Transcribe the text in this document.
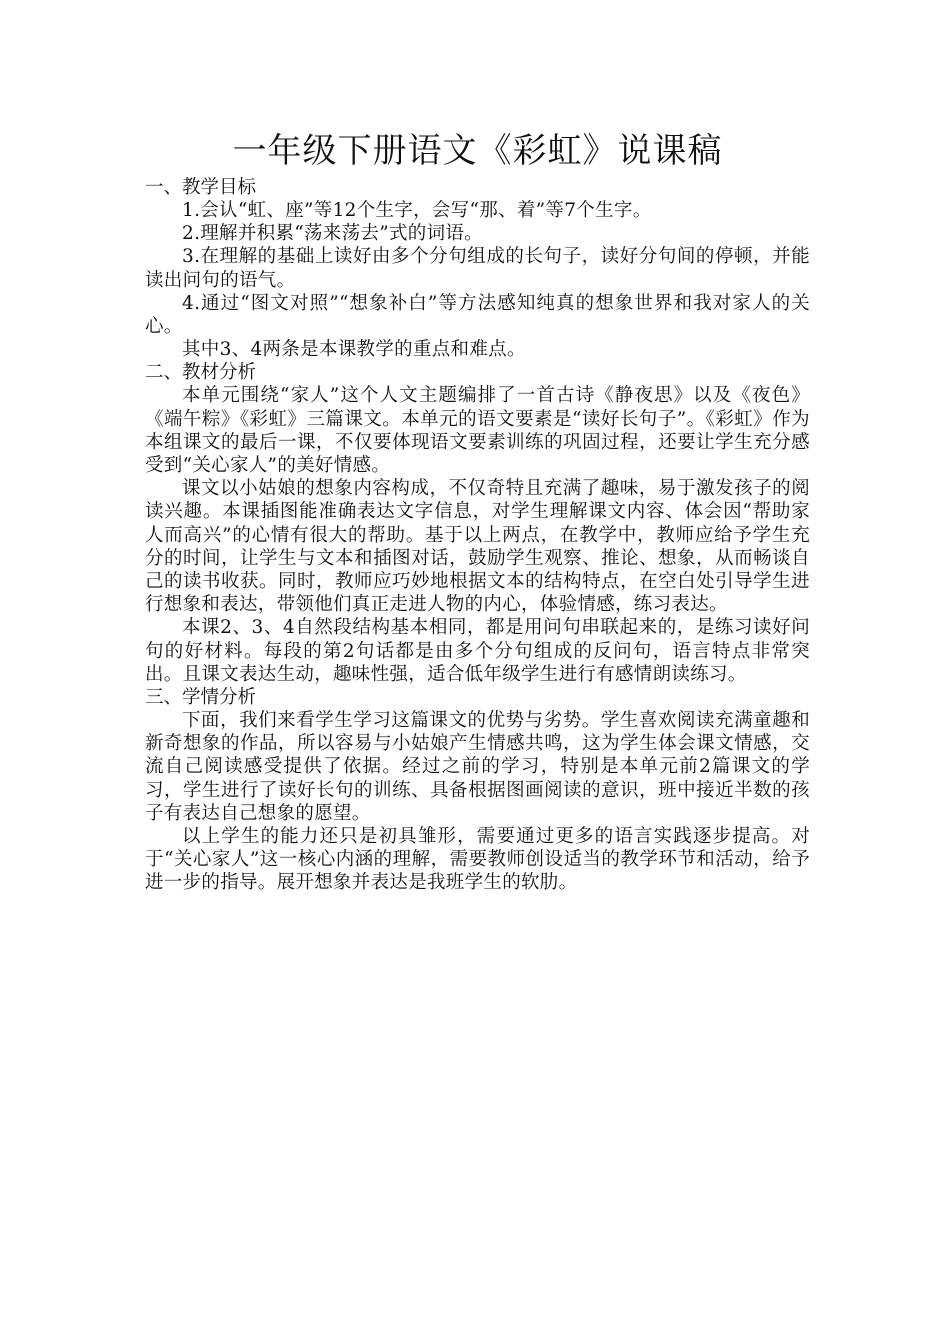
一年级下册语文《彩虹》说课稿

一、教学目标

1.会认“虹、座”等12个生字，会写“那、着”等7个生字。

2.理解并积累“荡来荡去”式的词语。

3.在理解的基础上读好由多个分句组成的长句子，读好分句间的停顿，并能读出问句的语气。

4.通过“图文对照”“想象补白”等方法感知纯真的想象世界和我对家人的关心。

其中3、4两条是本课教学的重点和难点。

二、教材分析

本单元围绕“家人”这个人文主题编排了一首古诗《静夜思》以及《夜色》《端午粽》《彩虹》三篇课文。本单元的语文要素是“读好长句子”。《彩虹》作为本组课文的最后一课，不仅要体现语文要素训练的巩固过程，还要让学生充分感受到“关心家人”的美好情感。

课文以小姑娘的想象内容构成，不仅奇特且充满了趣味，易于激发孩子的阅读兴趣。本课插图能准确表达文字信息，对学生理解课文内容、体会因“帮助家人而高兴”的心情有很大的帮助。基于以上两点，在教学中，教师应给予学生充分的时间，让学生与文本和插图对话，鼓励学生观察、推论、想象，从而畅谈自己的读书收获。同时，教师应巧妙地根据文本的结构特点，在空白处引导学生进行想象和表达，带领他们真正走进人物的内心，体验情感，练习表达。

本课2、3、4自然段结构基本相同，都是用问句串联起来的，是练习读好问句的好材料。每段的第2句话都是由多个分句组成的反问句，语言特点非常突出。且课文表达生动，趣味性强，适合低年级学生进行有感情朗读练习。

三、学情分析

下面，我们来看学生学习这篇课文的优势与劣势。学生喜欢阅读充满童趣和新奇想象的作品，所以容易与小姑娘产生情感共鸣，这为学生体会课文情感，交流自己阅读感受提供了依据。经过之前的学习，特别是本单元前2篇课文的学习，学生进行了读好长句的训练、具备根据图画阅读的意识，班中接近半数的孩子有表达自己想象的愿望。

以上学生的能力还只是初具雏形，需要通过更多的语言实践逐步提高。对于“关心家人”这一核心内涵的理解，需要教师创设适当的教学环节和活动，给予进一步的指导。展开想象并表达是我班学生的软肋。
